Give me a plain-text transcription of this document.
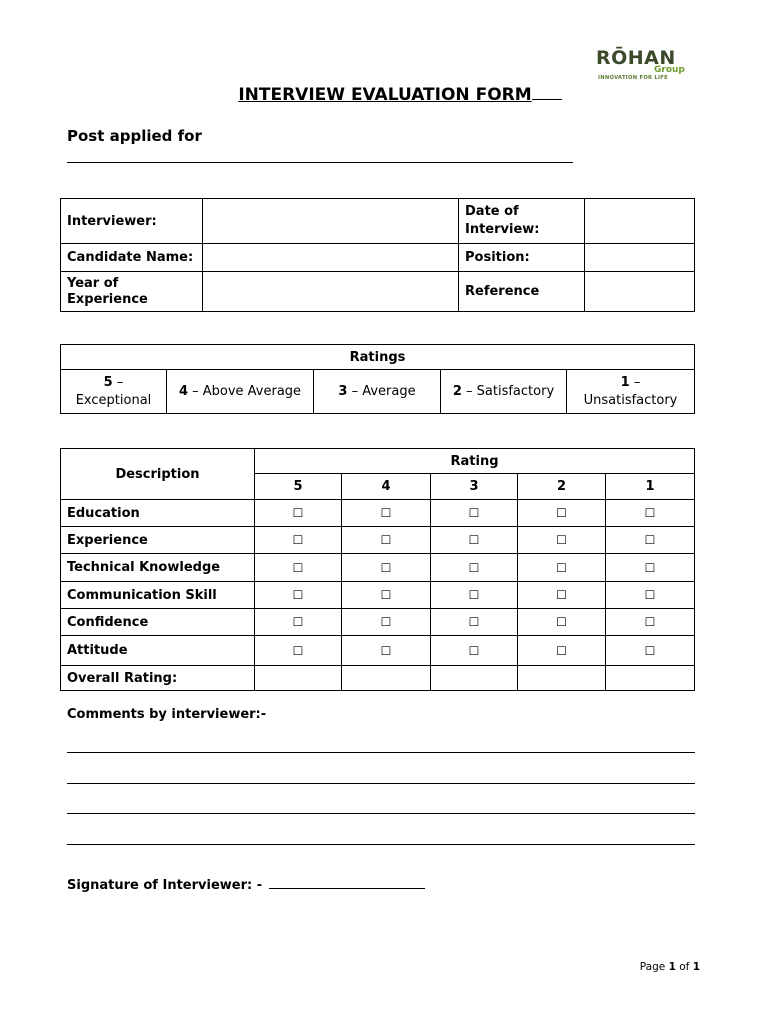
RŌHAN
Group
INNOVATION FOR LIFE
INTERVIEW EVALUATION FORM
Post applied for
Interviewer:		Date of Interview:	
Candidate Name:		Position:	
Year of Experience		Reference	
Ratings
5 – Exceptional	4 – Above Average	3 – Average	2 – Satisfactory	1 – Unsatisfactory
Description	Rating				
	5	4	3	2	1
Education	☐	☐	☐	☐	☐
Experience	☐	☐	☐	☐	☐
Technical Knowledge	☐	☐	☐	☐	☐
Communication Skill	☐	☐	☐	☐	☐
Confidence	☐	☐	☐	☐	☐
Attitude	☐	☐	☐	☐	☐
Overall Rating:					
Comments by interviewer:-
Signature of Interviewer: -
Page 1 of 1
